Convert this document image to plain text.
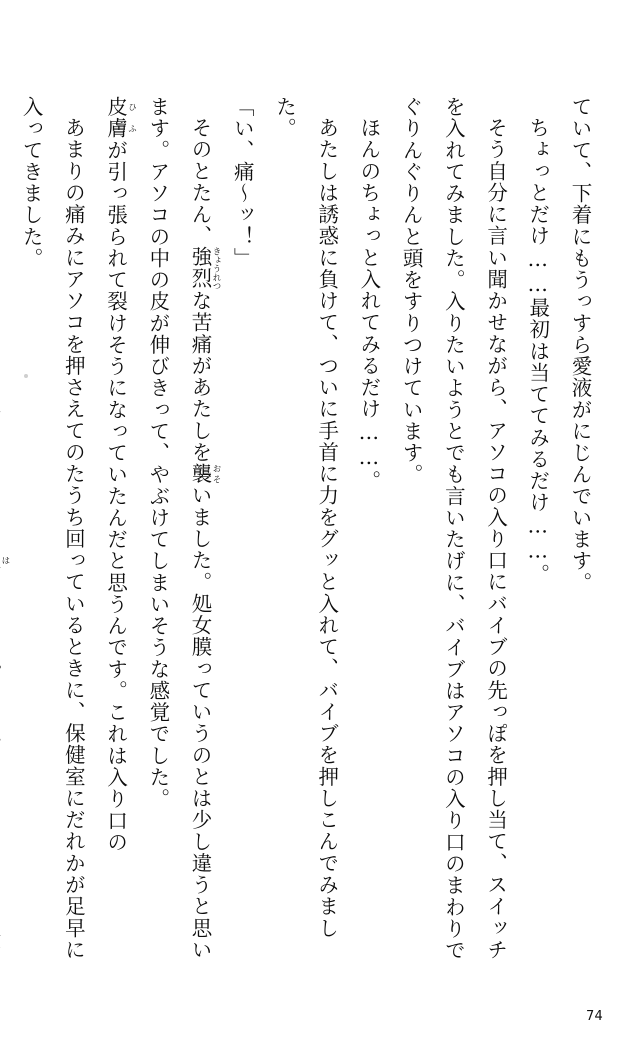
ていて、下着にもうっすら愛液がにじんでいます。

ちょっとだけ……最初は当ててみるだけ……。

そう自分に言い聞かせながら、アソコの入り口にバイブの先っぽを押し当て、スイッチを入れてみました。入りたいようとでも言いたげに、バイブはアソコの入り口のまわりでぐりんぐりんと頭をすりつけています。

ほんのちょっと入れてみるだけ……。

あたしは誘惑に負けて、ついに手首に力をグッと入れて、バイブを押しこんでみました。

「い、痛〜ッ！」

そのとたん、強烈 きょうれつな苦痛があたしを襲 おそいました。処女膜っていうのとは少し違うと思います。アソコの中の皮が伸びきって、やぶけてしまいそうな感覚でした。

皮膚 ひふが引っ張られて裂けそうになっていたんだと思うんです。これは入り口の

あまりの痛みにアソコを押さえてのたうち回っているときに、保健室にだれかが足早に入ってきました。

は

74
